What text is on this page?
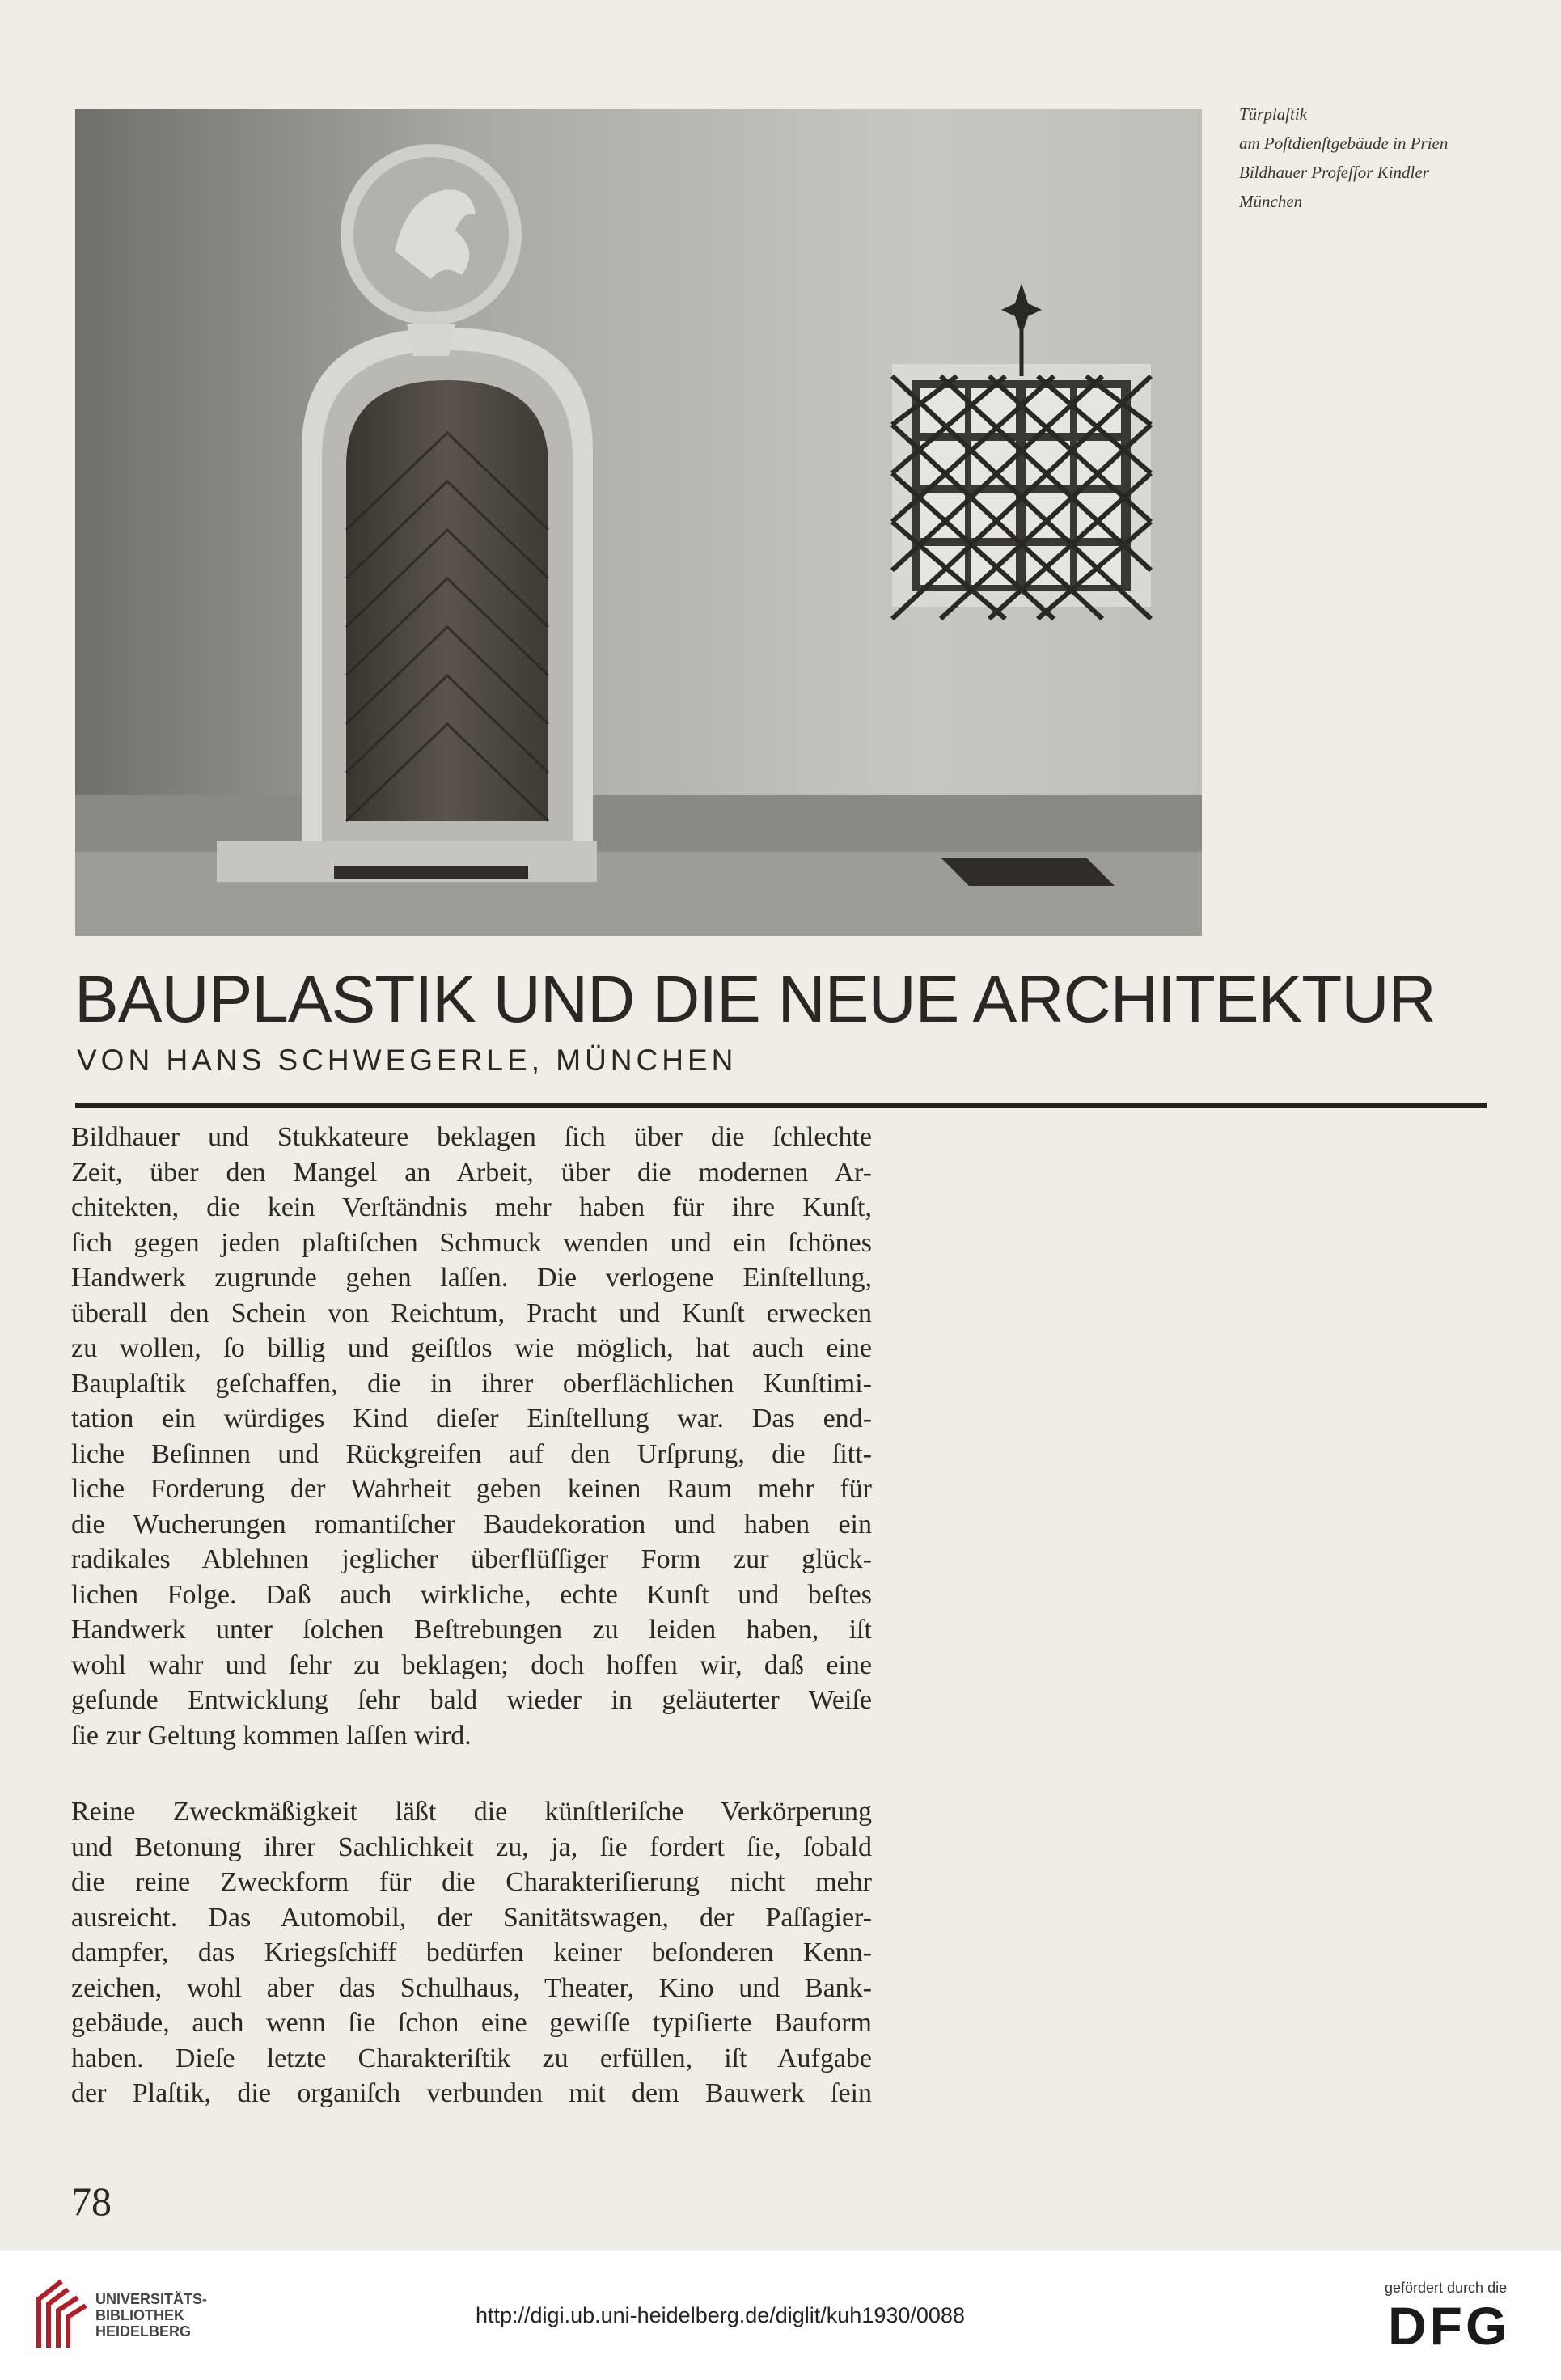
Türplaſtik
am Poſtdienſtgebäude in Prien
Bildhauer Profeſſor Kindler
München
BAUPLASTIK UND DIE NEUE ARCHITEKTUR
VON HANS SCHWEGERLE, MÜNCHEN
Bildhauer und Stukkateure beklagen ſich über die ſchlechte
Zeit, über den Mangel an Arbeit, über die modernen Ar-
chitekten, die kein Verſtändnis mehr haben für ihre Kunſt,
ſich gegen jeden plaſtiſchen Schmuck wenden und ein ſchönes
Handwerk zugrunde gehen laſſen. Die verlogene Einſtellung,
überall den Schein von Reichtum, Pracht und Kunſt erwecken
zu wollen, ſo billig und geiſtlos wie möglich, hat auch eine
Bauplaſtik geſchaffen, die in ihrer oberflächlichen Kunſtimi-
tation ein würdiges Kind dieſer Einſtellung war. Das end-
liche Beſinnen und Rückgreifen auf den Urſprung, die ſitt-
liche Forderung der Wahrheit geben keinen Raum mehr für
die Wucherungen romantiſcher Baudekoration und haben ein
radikales Ablehnen jeglicher überflüſſiger Form zur glück-
lichen Folge. Daß auch wirkliche, echte Kunſt und beſtes
Handwerk unter ſolchen Beſtrebungen zu leiden haben, iſt
wohl wahr und ſehr zu beklagen; doch hoffen wir, daß eine
geſunde Entwicklung ſehr bald wieder in geläuterter Weiſe
ſie zur Geltung kommen laſſen wird.
Reine Zweckmäßigkeit läßt die künſtleriſche Verkörperung
und Betonung ihrer Sachlichkeit zu, ja, ſie fordert ſie, ſobald
die reine Zweckform für die Charakteriſierung nicht mehr
ausreicht. Das Automobil, der Sanitätswagen, der Paſſagier-
dampfer, das Kriegsſchiff bedürfen keiner beſonderen Kenn-
zeichen, wohl aber das Schulhaus, Theater, Kino und Bank-
gebäude, auch wenn ſie ſchon eine gewiſſe typiſierte Bauform
haben. Dieſe letzte Charakteriſtik zu erfüllen, iſt Aufgabe
der Plaſtik, die organiſch verbunden mit dem Bauwerk ſein
78
UNIVERSITÄTS-
BIBLIOTHEK
HEIDELBERG
http://digi.ub.uni-heidelberg.de/diglit/kuh1930/0088
gefördert durch die
DFG
